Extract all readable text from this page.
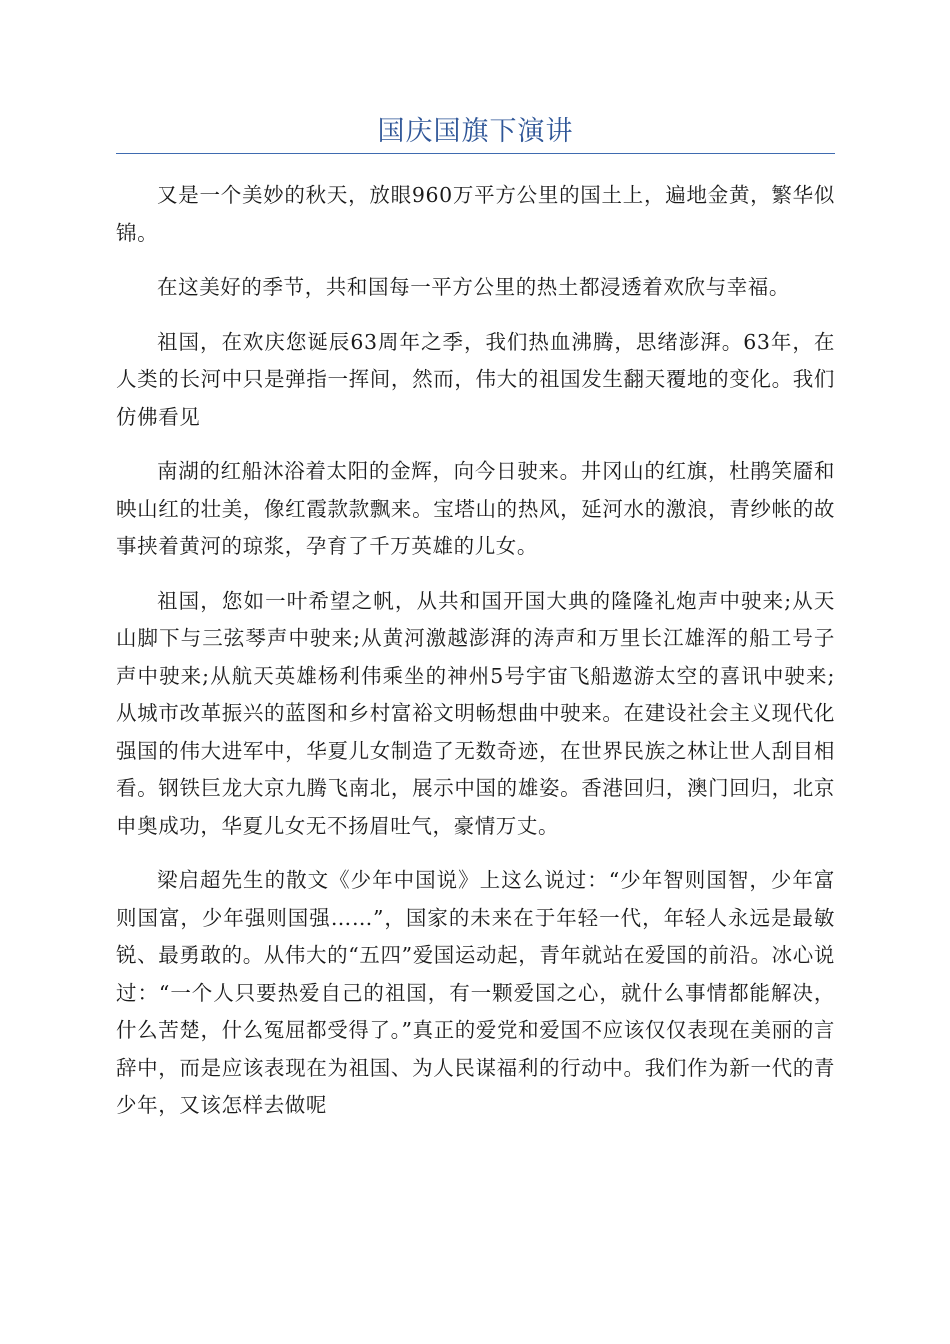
国庆国旗下演讲

又是一个美妙的秋天，放眼960万平方公里的国土上，遍地金黄，繁华似锦。

在这美好的季节，共和国每一平方公里的热土都浸透着欢欣与幸福。

祖国，在欢庆您诞辰63周年之季，我们热血沸腾，思绪澎湃。63年，在人类的长河中只是弹指一挥间，然而，伟大的祖国发生翻天覆地的变化。我们仿佛看见

南湖的红船沐浴着太阳的金辉，向今日驶来。井冈山的红旗，杜鹃笑靥和映山红的壮美，像红霞款款飘来。宝塔山的热风，延河水的激浪，青纱帐的故事挟着黄河的琼浆，孕育了千万英雄的儿女。

祖国，您如一叶希望之帆，从共和国开国大典的隆隆礼炮声中驶来;从天山脚下与三弦琴声中驶来;从黄河激越澎湃的涛声和万里长江雄浑的船工号子声中驶来;从航天英雄杨利伟乘坐的神州5号宇宙飞船遨游太空的喜讯中驶来;从城市改革振兴的蓝图和乡村富裕文明畅想曲中驶来。在建设社会主义现代化强国的伟大进军中，华夏儿女制造了无数奇迹，在世界民族之林让世人刮目相看。钢铁巨龙大京九腾飞南北，展示中国的雄姿。香港回归，澳门回归，北京申奥成功，华夏儿女无不扬眉吐气，豪情万丈。

梁启超先生的散文《少年中国说》上这么说过：“少年智则国智，少年富则国富，少年强则国强……”，国家的未来在于年轻一代，年轻人永远是最敏锐、最勇敢的。从伟大的“五四”爱国运动起，青年就站在爱国的前沿。冰心说过：“一个人只要热爱自己的祖国，有一颗爱国之心，就什么事情都能解决，什么苦楚，什么冤屈都受得了。”真正的爱党和爱国不应该仅仅表现在美丽的言辞中，而是应该表现在为祖国、为人民谋福利的行动中。我们作为新一代的青少年，又该怎样去做呢
